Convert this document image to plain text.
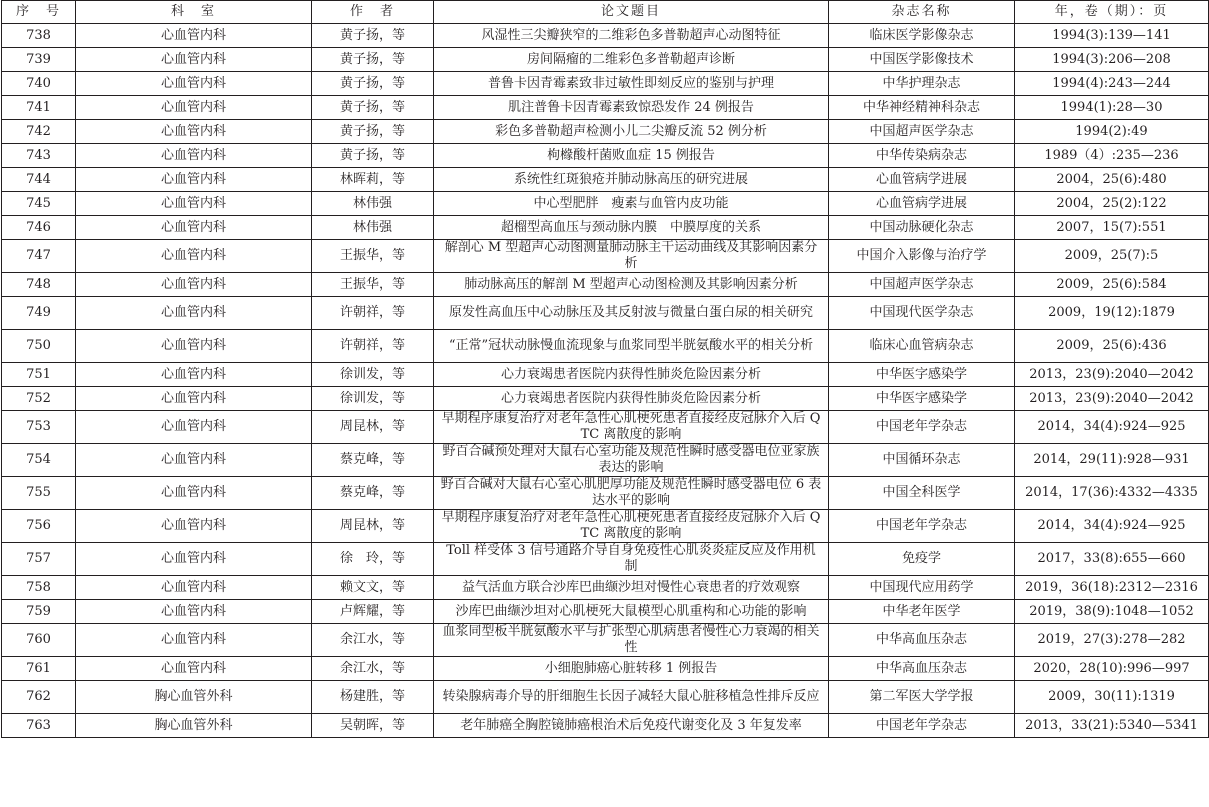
序　号	科　室	作　者	论文题目	杂志名称	年，卷（期）：页
738	心血管内科	黄子扬，等	风湿性三尖瓣狭窄的二维彩色多普勒超声心动图特征	临床医学影像杂志	1994(3):139—141
739	心血管内科	黄子扬，等	房间隔瘤的二维彩色多普勒超声诊断	中国医学影像技术	1994(3):206—208
740	心血管内科	黄子扬，等	普鲁卡因青霉素致非过敏性即刻反应的鉴别与护理	中华护理杂志	1994(4):243—244
741	心血管内科	黄子扬，等	肌注普鲁卡因青霉素致惊恐发作 24 例报告	中华神经精神科杂志	1994(1):28—30
742	心血管内科	黄子扬，等	彩色多普勒超声检测小儿二尖瓣反流 52 例分析	中国超声医学杂志	1994(2):49
743	心血管内科	黄子扬，等	枸橼酸杆菌败血症 15 例报告	中华传染病杂志	1989（4）:235—236
744	心血管内科	林晖莉，等	系统性红斑狼疮并肺动脉高压的研究进展	心血管病学进展	2004，25(6):480
745	心血管内科	林伟强	中心型肥胖　瘦素与血管内皮功能	心血管病学进展	2004，25(2):122
746	心血管内科	林伟强	超榴型高血压与颈动脉内膜　中膜厚度的关系	中国动脉硬化杂志	2007，15(7):551
747	心血管内科	王振华，等	解剖心 M 型超声心动图测量肺动脉主干运动曲线及其影响因素分析	中国介入影像与治疗学	2009，25(7):5
748	心血管内科	王振华，等	肺动脉高压的解剖 M 型超声心动图检测及其影响因素分析	中国超声医学杂志	2009，25(6):584
749	心血管内科	许朝祥，等	原发性高血压中心动脉压及其反射波与微量白蛋白尿的相关研究	中国现代医学杂志	2009，19(12):1879
750	心血管内科	许朝祥，等	“正常”冠状动脉慢血流现象与血浆同型半胱氨酸水平的相关分析	临床心血管病杂志	2009，25(6):436
751	心血管内科	徐训发，等	心力衰竭患者医院内获得性肺炎危险因素分析	中华医字感染学	2013，23(9):2040—2042
752	心血管内科	徐训发，等	心力衰竭患者医院内获得性肺炎危险因素分析	中华医字感染学	2013，23(9):2040—2042
753	心血管内科	周昆林，等	早期程序康复治疗对老年急性心肌梗死患者直接经皮冠脉介入后 QTC 离散度的影响	中国老年学杂志	2014，34(4):924—925
754	心血管内科	蔡克峰，等	野百合碱预处理对大鼠右心室功能及规范性瞬时感受器电位亚家族表达的影响	中国循环杂志	2014，29(11):928—931
755	心血管内科	蔡克峰，等	野百合碱对大鼠右心室心肌肥厚功能及规范性瞬时感受器电位 6 表达水平的影响	中国全科医学	2014，17(36):4332—4335
756	心血管内科	周昆林，等	早期程序康复治疗对老年急性心肌梗死患者直接经皮冠脉介入后 QTC 离散度的影响	中国老年学杂志	2014，34(4):924—925
757	心血管内科	徐　玲，等	Toll 样受体 3 信号通路介导自身免疫性心肌炎炎症反应及作用机制	免疫学	2017，33(8):655—660
758	心血管内科	赖文文，等	益气活血方联合沙库巴曲缬沙坦对慢性心衰患者的疗效观察	中国现代应用药学	2019，36(18):2312—2316
759	心血管内科	卢辉耀，等	沙库巴曲缬沙坦对心肌梗死大鼠模型心肌重构和心功能的影响	中华老年医学	2019，38(9):1048—1052
760	心血管内科	余江水，等	血浆同型板半胱氨酸水平与扩张型心肌病患者慢性心力衰竭的相关性	中华高血压杂志	2019，27(3):278—282
761	心血管内科	余江水，等	小细胞肺癌心脏转移 1 例报告	中华高血压杂志	2020，28(10):996—997
762	胸心血管外科	杨建胜，等	转染腺病毒介导的肝细胞生长因子减轻大鼠心脏移植急性排斥反应	第二军医大学学报	2009，30(11):1319
763	胸心血管外科	吴朝晖，等	老年肺癌全胸腔镜肺癌根治术后免疫代谢变化及 3 年复发率	中国老年学杂志	2013，33(21):5340—5341
